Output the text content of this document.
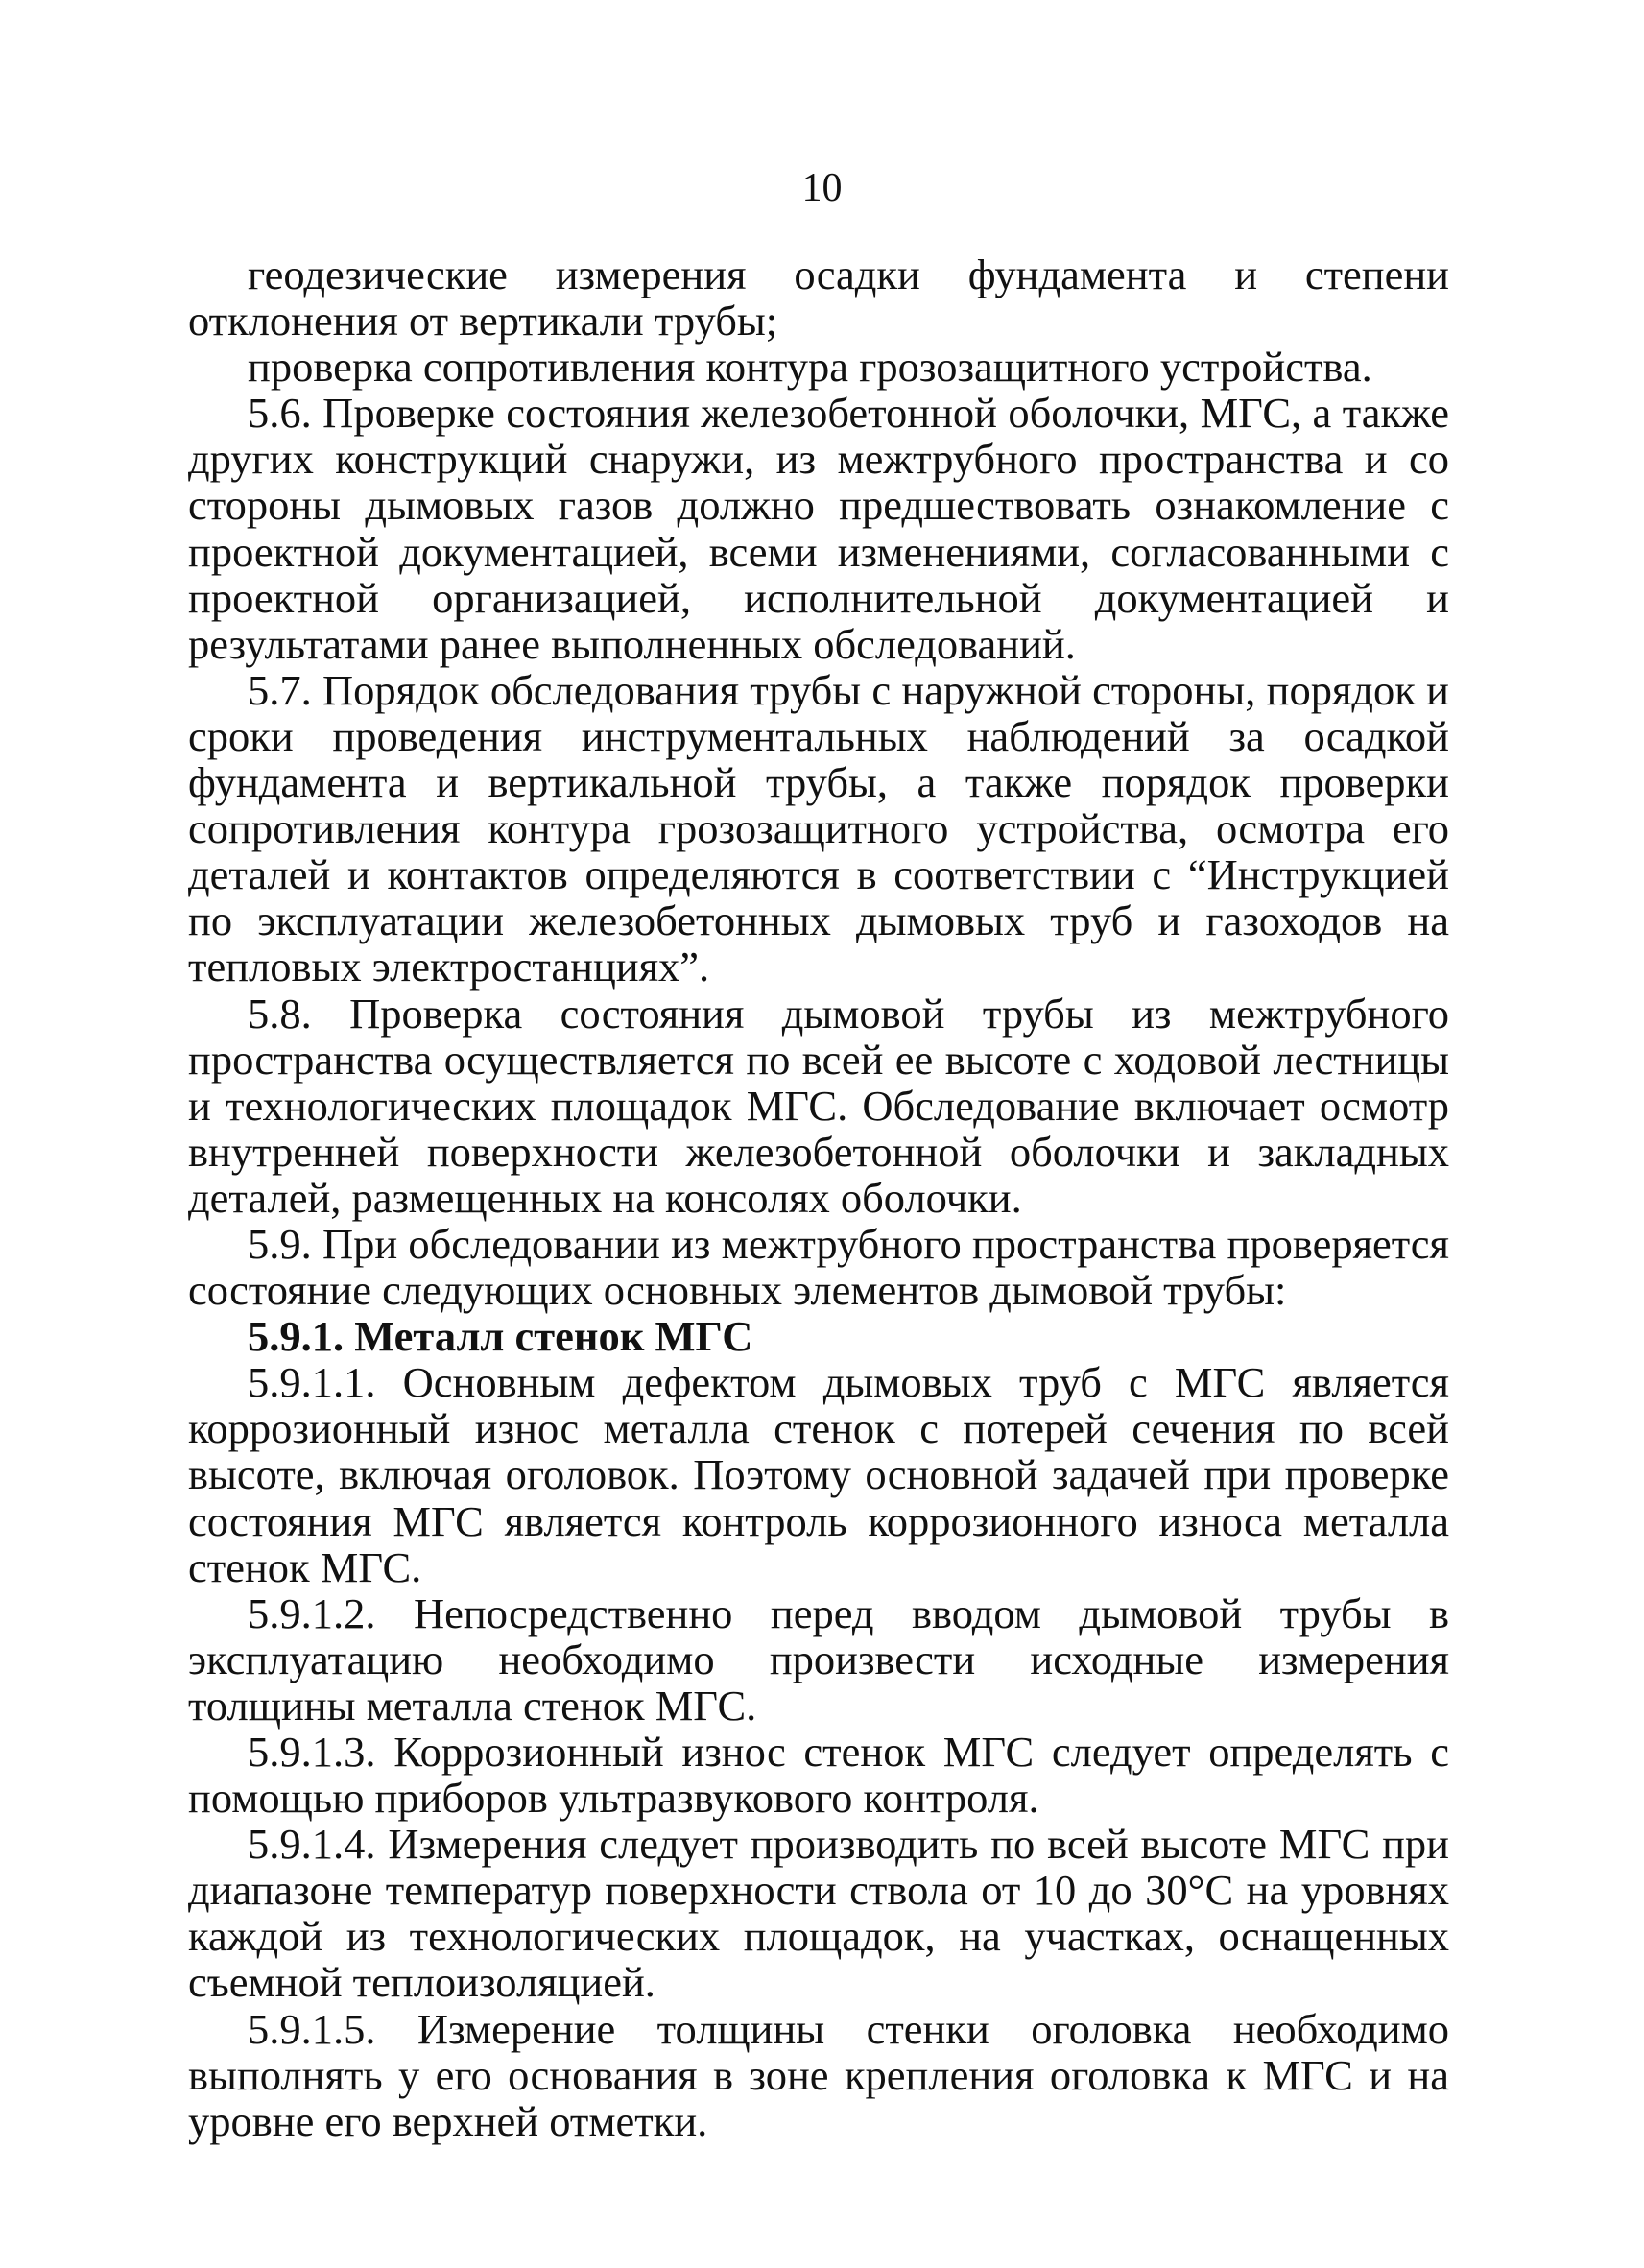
10

геодезические измерения осадки фундамента и степени отклонения от вертикали трубы;

проверка сопротивления контура грозозащитного устройства.

5.6. Проверке состояния железобетонной оболочки, МГС, а также других конструкций снаружи, из межтрубного пространства и со стороны дымовых газов должно предшествовать ознакомление с проектной документацией, всеми изменениями, согласованными с проектной организацией, исполнительной документацией и результатами ранее выполненных обследований.

5.7. Порядок обследования трубы с наружной стороны, порядок и сроки проведения инструментальных наблюдений за осадкой фундамента и вертикальной трубы, а также порядок проверки сопротивления контура грозозащитного устройства, осмотра его деталей и контактов определяются в соответствии с “Инструкцией по эксплуатации железобетонных дымовых труб и газоходов на тепловых электростанциях”.

5.8. Проверка состояния дымовой трубы из межтрубного пространства осуществляется по всей ее высоте с ходовой лестницы и технологических площадок МГС. Обследование включает осмотр внутренней поверхности железобетонной оболочки и закладных деталей, размещенных на консолях оболочки.

5.9. При обследовании из межтрубного пространства проверяется состояние следующих основных элементов дымовой трубы:

5.9.1. Металл стенок МГС

5.9.1.1. Основным дефектом дымовых труб с МГС является коррозионный износ металла стенок с потерей сечения по всей высоте, включая оголовок. Поэтому основной задачей при проверке состояния МГС является контроль коррозионного износа металла стенок МГС.

5.9.1.2. Непосредственно перед вводом дымовой трубы в эксплуатацию необходимо произвести исходные измерения толщины металла стенок МГС.

5.9.1.3. Коррозионный износ стенок МГС следует определять с помощью приборов ультразвукового контроля.

5.9.1.4. Измерения следует производить по всей высоте МГС при диапазоне температур поверхности ствола от 10 до 30°С на уровнях каждой из технологических площадок, на участках, оснащенных съемной теплоизоляцией.

5.9.1.5. Измерение толщины стенки оголовка необходимо выполнять у его основания в зоне крепления оголовка к МГС и на уровне его верхней отметки.
